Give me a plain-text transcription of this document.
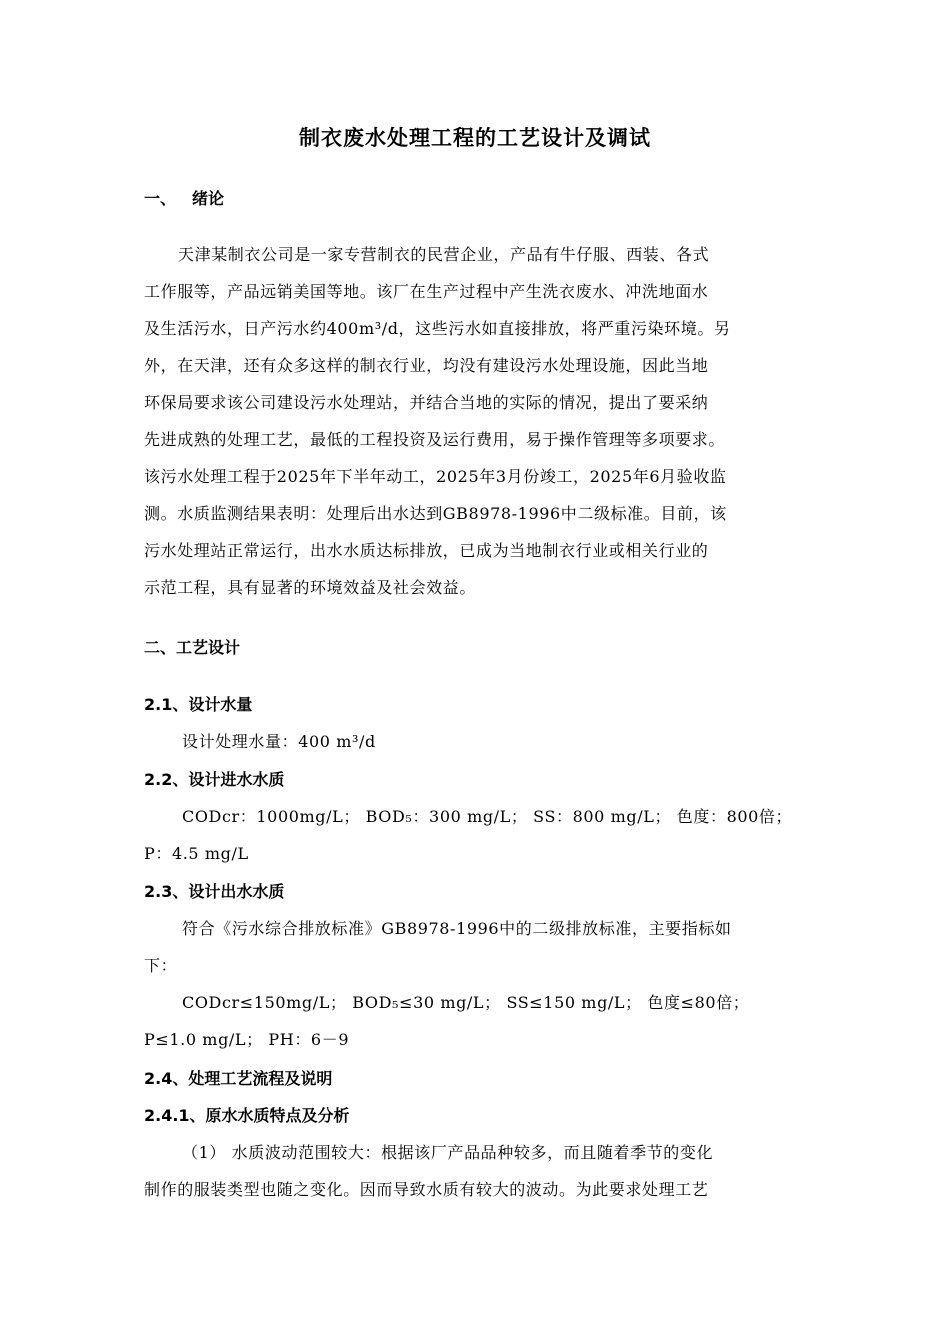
制衣废水处理工程的工艺设计及调试
一、 绪论

天津某制衣公司是一家专营制衣的民营企业，产品有牛仔服、西装、各式

工作服等，产品远销美国等地。该厂在生产过程中产生洗衣废水、冲洗地面水

及生活污水，日产污水约400m³/d，这些污水如直接排放，将严重污染环境。另

外，在天津，还有众多这样的制衣行业，均没有建设污水处理设施，因此当地

环保局要求该公司建设污水处理站，并结合当地的实际的情况，提出了要采纳

先进成熟的处理工艺，最低的工程投资及运行费用，易于操作管理等多项要求。

该污水处理工程于2025年下半年动工，2025年3月份竣工，2025年6月验收监

测。水质监测结果表明：处理后出水达到GB8978-1996中二级标准。目前，该

污水处理站正常运行，出水水质达标排放，已成为当地制衣行业或相关行业的

示范工程，具有显著的环境效益及社会效益。

二、工艺设计
2.1、设计水量

设计处理水量：400 m³/d

2.2、设计进水水质

CODcr：1000mg/L； BOD₅：300 mg/L； SS：800 mg/L； 色度：800倍；

P：4.5 mg/L

2.3、设计出水水质

符合《污水综合排放标准》GB8978-1996中的二级排放标准，主要指标如

下：

CODcr≤150mg/L； BOD₅≤30 mg/L； SS≤150 mg/L； 色度≤80倍；

P≤1.0 mg/L； PH：6－9

2.4、处理工艺流程及说明
2.4.1、原水水质特点及分析

（1） 水质波动范围较大：根据该厂产品品种较多，而且随着季节的变化

制作的服装类型也随之变化。因而导致水质有较大的波动。为此要求处理工艺
